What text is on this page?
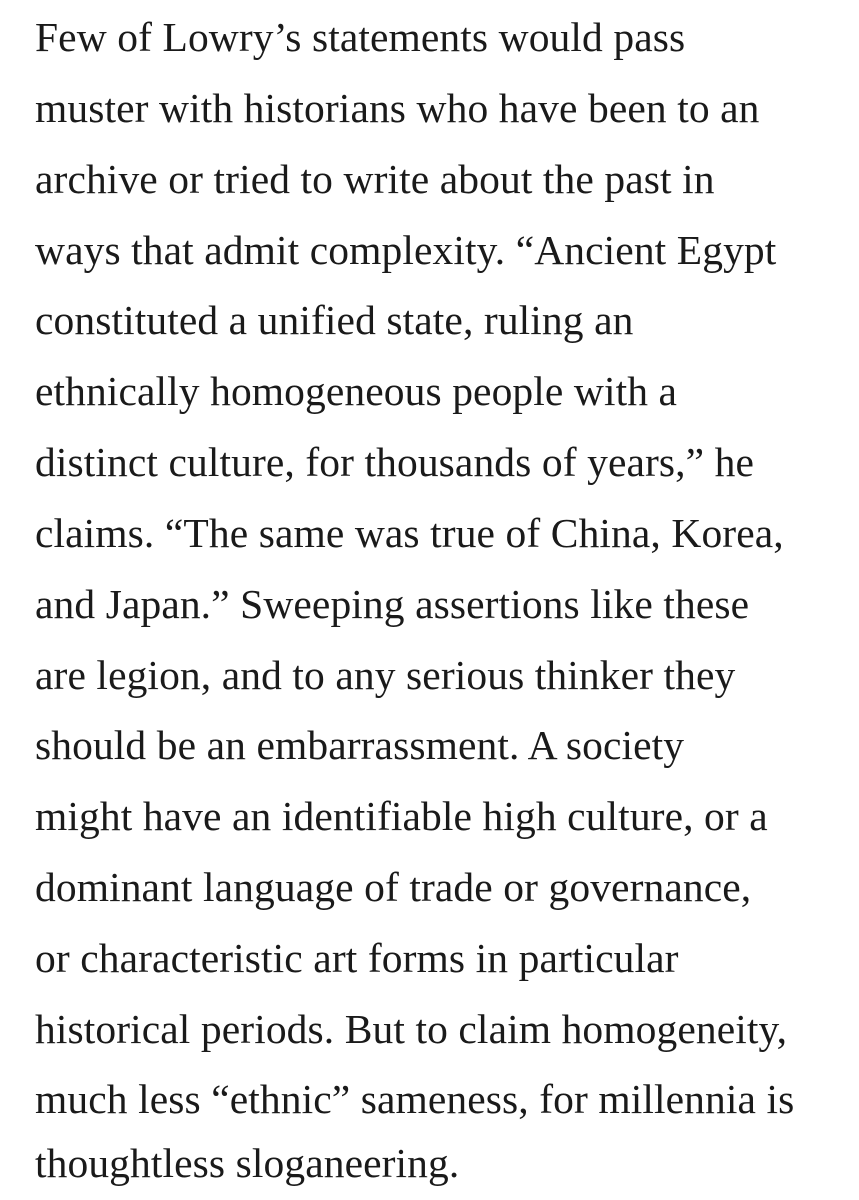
Few of Lowry’s statements would pass

muster with historians who have been to an

archive or tried to write about the past in

ways that admit complexity. “Ancient Egypt

constituted a unified state, ruling an

ethnically homogeneous people with a

distinct culture, for thousands of years,” he

claims. “The same was true of China, Korea,

and Japan.” Sweeping assertions like these

are legion, and to any serious thinker they

should be an embarrassment. A society

might have an identifiable high culture, or a

dominant language of trade or governance,

or characteristic art forms in particular

historical periods. But to claim homogeneity,

much less “ethnic” sameness, for millennia is

thoughtless sloganeering.
